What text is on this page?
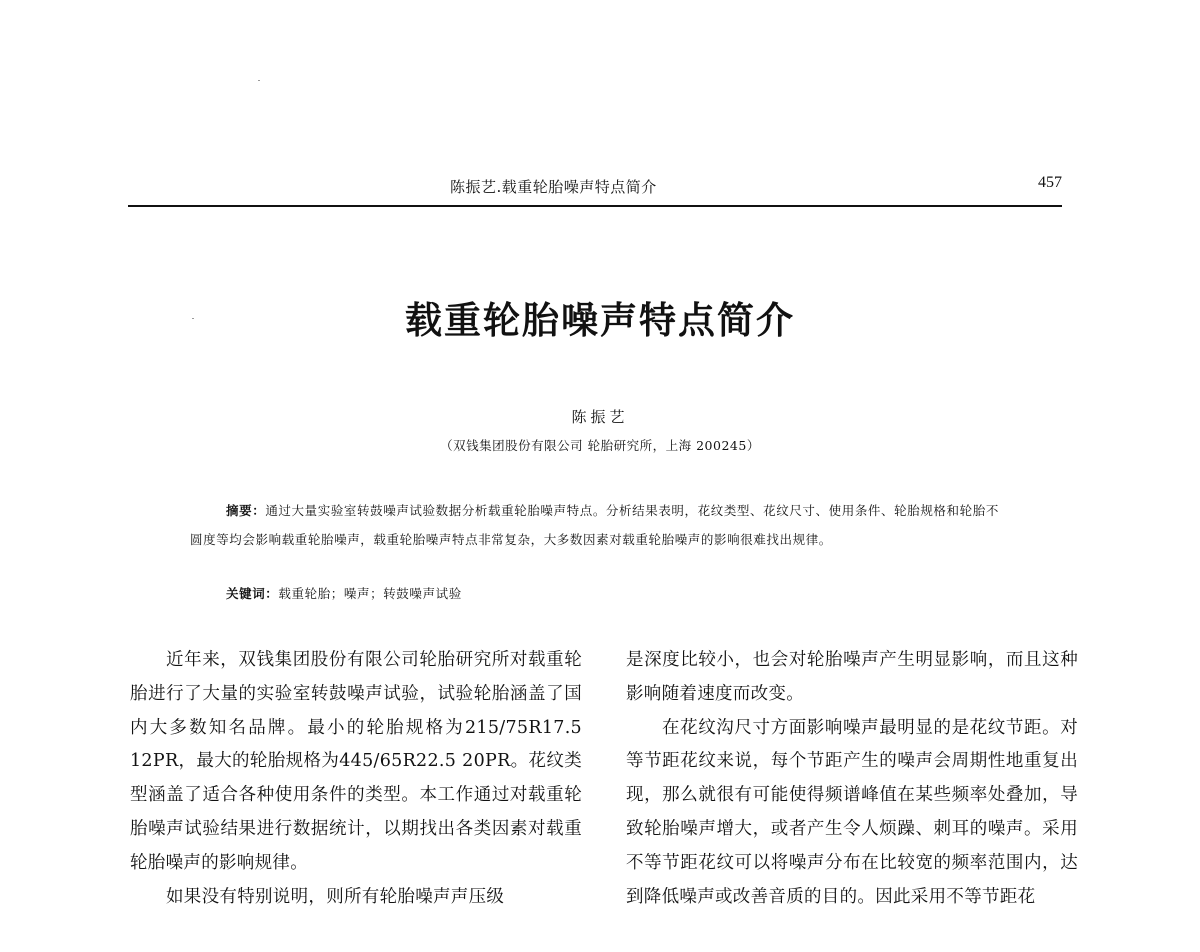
陈振艺.载重轮胎噪声特点简介	457
载重轮胎噪声特点简介
陈振艺
（双钱集团股份有限公司 轮胎研究所，上海 200245）
摘要：通过大量实验室转鼓噪声试验数据分析载重轮胎噪声特点。分析结果表明，花纹类型、花纹尺寸、使用条件、轮胎规格和轮胎不圆度等均会影响载重轮胎噪声，载重轮胎噪声特点非常复杂，大多数因素对载重轮胎噪声的影响很难找出规律。
关键词：载重轮胎；噪声；转鼓噪声试验

近年来，双钱集团股份有限公司轮胎研究所对载重轮胎进行了大量的实验室转鼓噪声试验，试验轮胎涵盖了国内大多数知名品牌。最小的轮胎规格为215/75R17.5 12PR，最大的轮胎规格为445/65R22.5 20PR。花纹类型涵盖了适合各种使用条件的类型。本工作通过对载重轮胎噪声试验结果进行数据统计，以期找出各类因素对载重轮胎噪声的影响规律。

如果没有特别说明，则所有轮胎噪声声压级

是深度比较小，也会对轮胎噪声产生明显影响，而且这种影响随着速度而改变。

在花纹沟尺寸方面影响噪声最明显的是花纹节距。对等节距花纹来说，每个节距产生的噪声会周期性地重复出现，那么就很有可能使得频谱峰值在某些频率处叠加，导致轮胎噪声增大，或者产生令人烦躁、刺耳的噪声。采用不等节距花纹可以将噪声分布在比较宽的频率范围内，达到降低噪声或改善音质的目的。因此采用不等节距花
